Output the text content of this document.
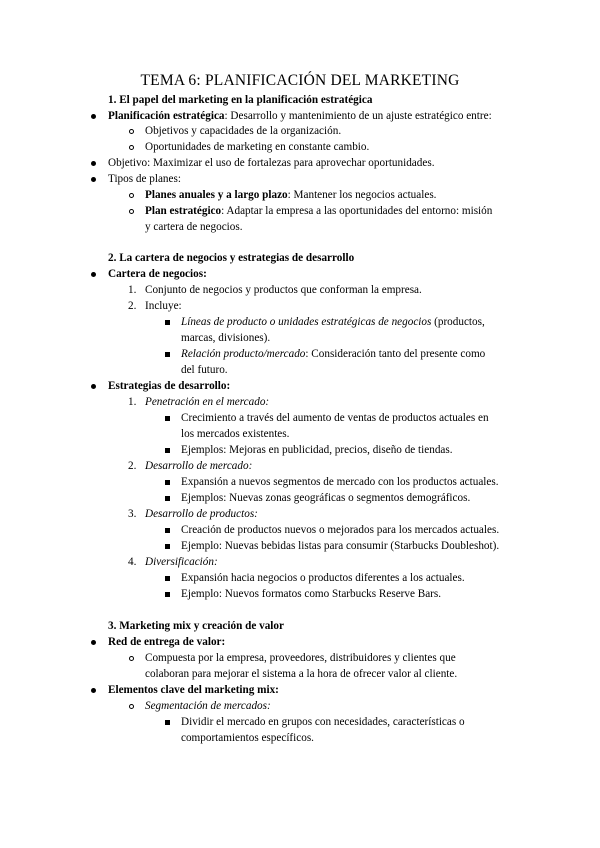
TEMA 6: PLANIFICACIÓN DEL MARKETING
1. El papel del marketing en la planificación estratégica
Planificación estratégica: Desarrollo y mantenimiento de un ajuste estratégico entre:
Objetivos y capacidades de la organización.
Oportunidades de marketing en constante cambio.
Objetivo: Maximizar el uso de fortalezas para aprovechar oportunidades.
Tipos de planes:
Planes anuales y a largo plazo: Mantener los negocios actuales.
Plan estratégico: Adaptar la empresa a las oportunidades del entorno: misión
y cartera de negocios.
2. La cartera de negocios y estrategias de desarrollo
Cartera de negocios:
1. Conjunto de negocios y productos que conforman la empresa.
2. Incluye:
Líneas de producto o unidades estratégicas de negocios (productos,
marcas, divisiones).
Relación producto/mercado: Consideración tanto del presente como
del futuro.
Estrategias de desarrollo:
1. Penetración en el mercado:
Crecimiento a través del aumento de ventas de productos actuales en
los mercados existentes.
Ejemplos: Mejoras en publicidad, precios, diseño de tiendas.
2. Desarrollo de mercado:
Expansión a nuevos segmentos de mercado con los productos actuales.
Ejemplos: Nuevas zonas geográficas o segmentos demográficos.
3. Desarrollo de productos:
Creación de productos nuevos o mejorados para los mercados actuales.
Ejemplo: Nuevas bebidas listas para consumir (Starbucks Doubleshot).
4. Diversificación:
Expansión hacia negocios o productos diferentes a los actuales.
Ejemplo: Nuevos formatos como Starbucks Reserve Bars.
3. Marketing mix y creación de valor
Red de entrega de valor:
Compuesta por la empresa, proveedores, distribuidores y clientes que
colaboran para mejorar el sistema a la hora de ofrecer valor al cliente.
Elementos clave del marketing mix:
Segmentación de mercados:
Dividir el mercado en grupos con necesidades, características o
comportamientos específicos.
